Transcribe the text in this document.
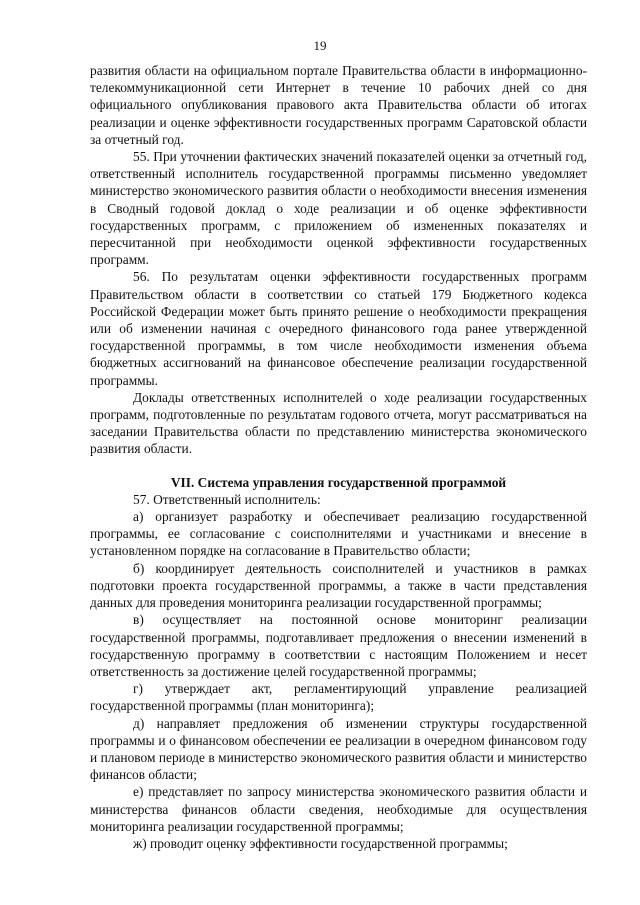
19

развития области на официальном портале Правительства области в информационно-телекоммуникационной сети Интернет в течение 10 рабочих дней со дня официального опубликования правового акта Правительства области об итогах реализации и оценке эффективности государственных программ Саратовской области за отчетный год.

55. При уточнении фактических значений показателей оценки за отчетный год, ответственный исполнитель государственной программы письменно уведомляет министерство экономического развития области о необходимости внесения изменения в Сводный годовой доклад о ходе реализации и об оценке эффективности государственных программ, с приложением об измененных показателях и пересчитанной при необходимости оценкой эффективности государственных программ.

56. По результатам оценки эффективности государственных программ Правительством области в соответствии со статьей 179 Бюджетного кодекса Российской Федерации может быть принято решение о необходимости прекращения или об изменении начиная с очередного финансового года ранее утвержденной государственной программы, в том числе необходимости изменения объема бюджетных ассигнований на финансовое обеспечение реализации государственной программы.

Доклады ответственных исполнителей о ходе реализации государственных программ, подготовленные по результатам годового отчета, могут рассматриваться на заседании Правительства области по представлению министерства экономического развития области.

VII. Система управления государственной программой

57. Ответственный исполнитель:

а) организует разработку и обеспечивает реализацию государственной программы, ее согласование с соисполнителями и участниками и внесение в установленном порядке на согласование в Правительство области;

б) координирует деятельность соисполнителей и участников в рамках подготовки проекта государственной программы, а также в части представления данных для проведения мониторинга реализации государственной программы;

в) осуществляет на постоянной основе мониторинг реализации государственной программы, подготавливает предложения о внесении изменений в государственную программу в соответствии с настоящим Положением и несет ответственность за достижение целей государственной программы;

г) утверждает акт, регламентирующий управление реализацией государственной программы (план мониторинга);

д) направляет предложения об изменении структуры государственной программы и о финансовом обеспечении ее реализации в очередном финансовом году и плановом периоде в министерство экономического развития области и министерство финансов области;

е) представляет по запросу министерства экономического развития области и министерства финансов области сведения, необходимые для осуществления мониторинга реализации государственной программы;

ж) проводит оценку эффективности государственной программы;
